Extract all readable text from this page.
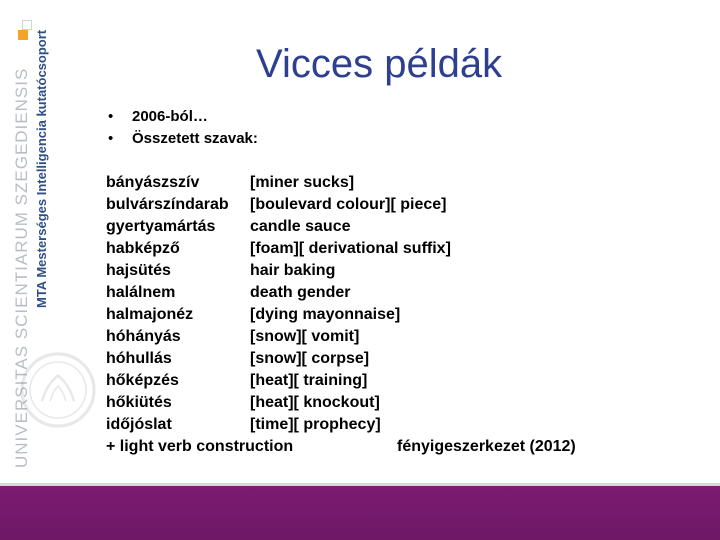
UNIVERSITAS SCIENTIARUM SZEGEDIENSIS MTA Mesterséges Intelligencia kutatócsoport	Vicces példák
•	2006-ból…
•	Összetett szavak:
bányászszív	[miner sucks]
bulvárszíndarab	[boulevard colour][ piece]
gyertyamártás	candle sauce
habképző	[foam][ derivational suffix]
hajsütés	hair baking
halálnem	death gender
halmajonéz	[dying mayonnaise]
hóhányás	[snow][ vomit]
hóhullás	[snow][ corpse]
hőképzés	[heat][ training]
hőkiütés	[heat][ knockout]
időjóslat	[time][ prophecy]
+ light verb construction	fényigeszerkezet (2012)
